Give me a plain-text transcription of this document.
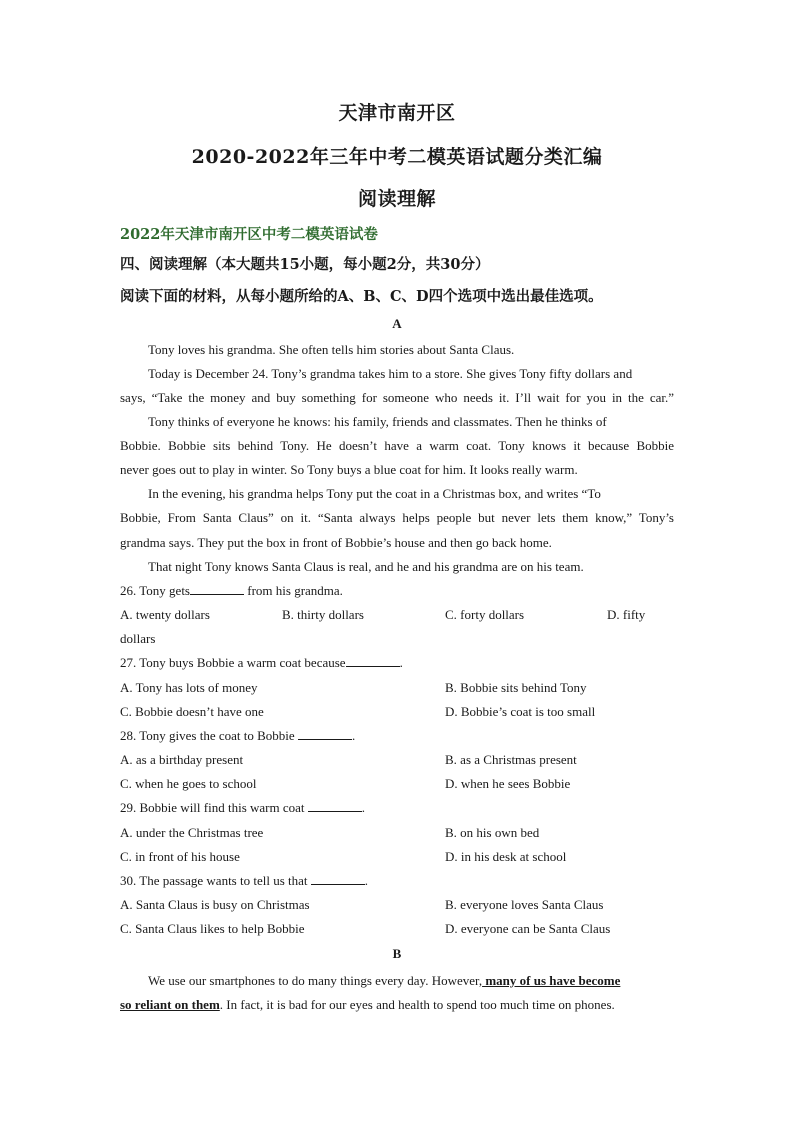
天津市南开区
2020-2022年三年中考二模英语试题分类汇编
阅读理解
2022年天津市南开区中考二模英语试卷
四、阅读理解（本大题共15小题，每小题2分，共30分）
阅读下面的材料，从每小题所给的A、B、C、D四个选项中选出最佳选项。
A
Tony loves his grandma. She often tells him stories about Santa Claus.
Today is December 24. Tony’s grandma takes him to a store. She gives Tony fifty dollars and
says, “Take the money and buy something for someone who needs it. I’ll wait for you in the car.”
Tony thinks of everyone he knows: his family, friends and classmates. Then he thinks of
Bobbie. Bobbie sits behind Tony. He doesn’t have a warm coat. Tony knows it because Bobbie
never goes out to play in winter. So Tony buys a blue coat for him. It looks really warm.
In the evening, his grandma helps Tony put the coat in a Christmas box, and writes “To
Bobbie, From Santa Claus” on it. “Santa always helps people but never lets them know,” Tony’s
grandma says. They put the box in front of Bobbie’s house and then go back home.
That night Tony knows Santa Claus is real, and he and his grandma are on his team.
26. Tony gets	from his grandma.
A. twenty dollars	B. thirty dollars	C. forty dollars	D. fifty
dollars
27. Tony buys Bobbie a warm coat because	.
A. Tony has lots of money	B. Bobbie sits behind Tony
C. Bobbie doesn’t have one	D. Bobbie’s coat is too small
28. Tony gives the coat to Bobbie	.
A. as a birthday present	B. as a Christmas present
C. when he goes to school	D. when he sees Bobbie
29. Bobbie will find this warm coat	.
A. under the Christmas tree	B. on his own bed
C. in front of his house	D. in his desk at school
30. The passage wants to tell us that	.
A. Santa Claus is busy on Christmas	B. everyone loves Santa Claus
C. Santa Claus likes to help Bobbie	D. everyone can be Santa Claus
B
We use our smartphones to do many things every day. However, many of us have become
so reliant on them. In fact, it is bad for our eyes and health to spend too much time on phones.
